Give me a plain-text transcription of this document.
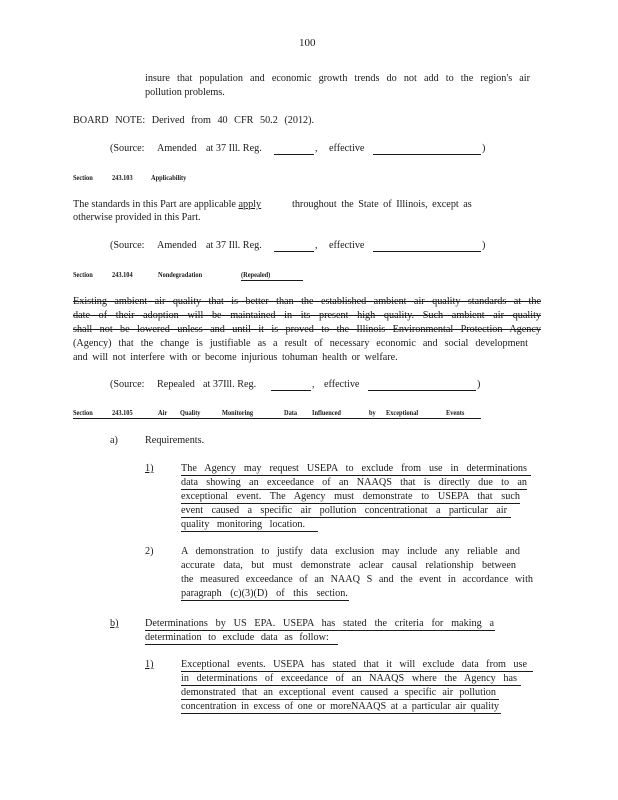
100
insure that population and economic growth trends do not add to the region's air
pollution problems.
BOARD NOTE: Derived from 40 CFR 50.2 (2012).
(Source: Amended at 37 Ill. Reg.	, effective	)
Section	243.103 Applicability
The standards in this Part are applicable apply	throughout the State of Illinois, except as
otherwise provided in this Part.
(Source: Amended at 37 Ill. Reg.	, effective	)
Section	243.104	Nondegradation	(Repealed)
Existing ambient air quality that is better than the established ambient air quality standards at the
date of their adoption will be maintained in its present high quality. Such ambient air quality
shall not be lowered unless and until it is proved to the Illinois Environmental Protection Agency
(Agency) that the change is justifiable as a result of necessary economic and social development
and will not interfere with or become injurious tohuman health or welfare.
(Source: Repealed at 37Ill. Reg.	, effective	)
Section	243.105	Air Quality	Monitoring	Data Influenced	by Exceptional	Events
a)	Requirements.
1)	The Agency may request USEPA to exclude from use in determinations
data showing an exceedance of an NAAQS that is directly due to an
exceptional event. The Agency must demonstrate to USEPA that such
event caused a specific air pollution concentrationat a particular air
quality monitoring location.
2)	A demonstration to justify data exclusion may include any reliable and
accurate data, but must demonstrate aclear causal relationship between
the measured exceedance of an NAAQ S and the event in accordance with
paragraph (c)(3)(D) of this section.
b)	Determinations by US EPA. USEPA has stated the criteria for making a
determination to exclude data as follow:
1)	Exceptional events. USEPA has stated that it will exclude data from use
in determinations of exceedance of an NAAQS where the Agency has
demonstrated that an exceptional event caused a specific air pollution
concentration in excess of one or moreNAAQS at a particular air quality
